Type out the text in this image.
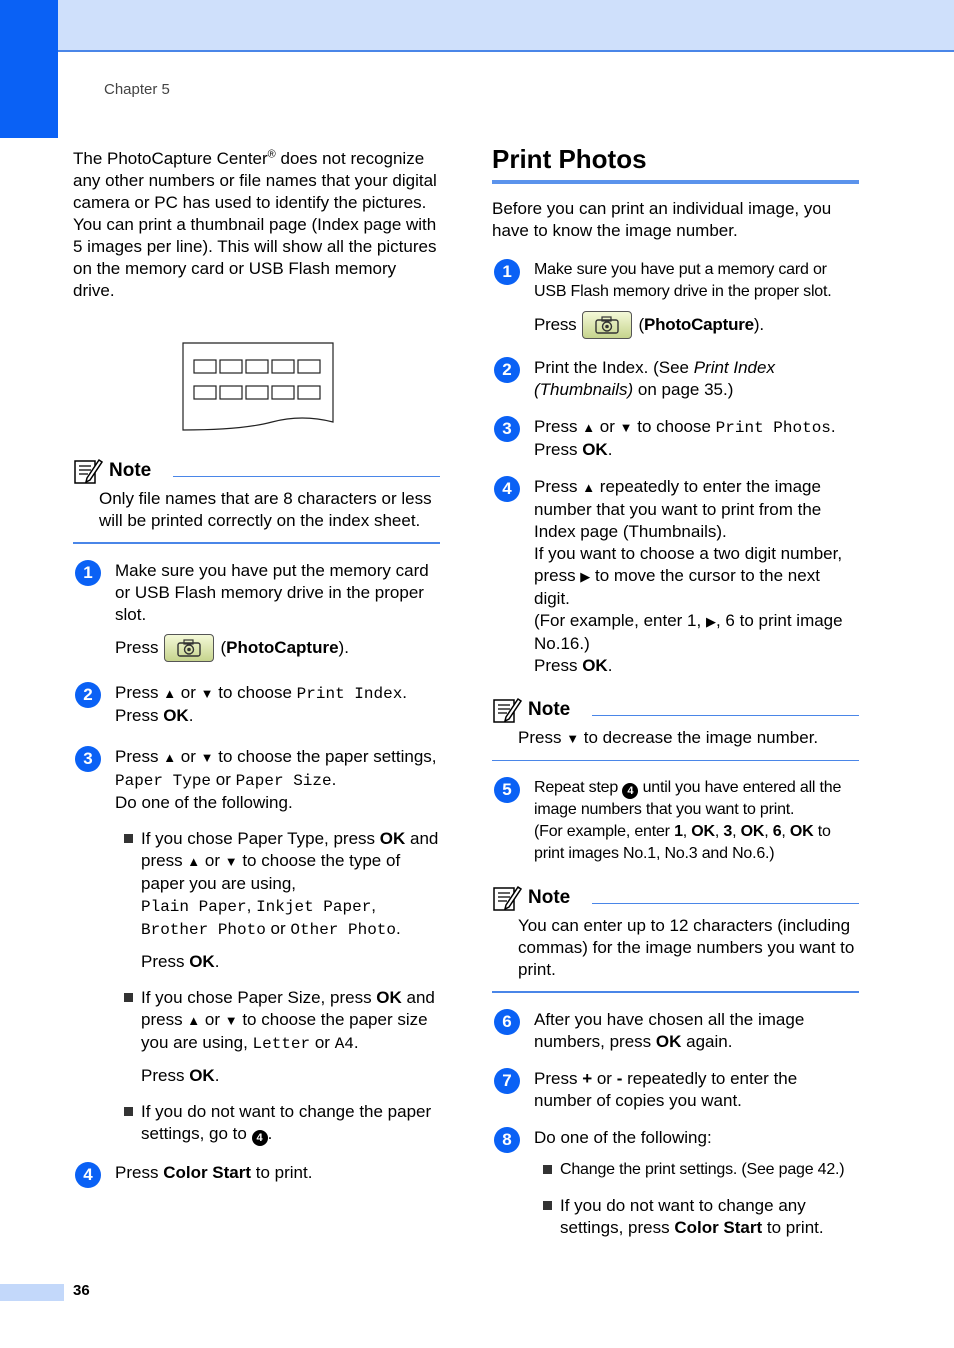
Chapter 5

The PhotoCapture Center® does not recognize any other numbers or file names that your digital camera or PC has used to identify the pictures. You can print a thumbnail page (Index page with 5 images per line). This will show all the pictures on the memory card or USB Flash memory drive.

Note
Only file names that are 8 characters or less will be printed correctly on the index sheet.
1	Make sure you have put the memory card or USB Flash memory drive in the proper slot.
Press	( PhotoCapture ).
2	Press ▲ or ▼ to choose Print Index.
Press OK.
3	Press ▲ or ▼ to choose the paper settings, Paper Type or Paper Size.
Do one of the following.
If you chose Paper Type, press OK and press ▲ or ▼ to choose the type of paper you are using,
Plain Paper, Inkjet Paper,
Brother Photo or Other Photo.
Press OK.
If you chose Paper Size, press OK and press ▲ or ▼ to choose the paper size you are using, Letter or A4.
Press OK.
If you do not want to change the paper settings, go to 4 .
4	Press Color Start to print.
Print Photos

Before you can print an individual image, you have to know the image number.

1	Make sure you have put a memory card or USB Flash memory drive in the proper slot.
Press	( PhotoCapture ).
2	Print the Index. (See Print Index (Thumbnails) on page 35.)
3	Press ▲ or ▼ to choose Print Photos.
Press OK.
4	Press ▲ repeatedly to enter the image number that you want to print from the Index page (Thumbnails).
If you want to choose a two digit number, press ▶ to move the cursor to the next digit.
(For example, enter 1, ▶, 6 to print image No.16.)
Press OK.
Note
Press ▼ to decrease the image number.
5	Repeat step 4 until you have entered all the image numbers that you want to print.
(For example, enter 1, OK, 3, OK, 6, OK to print images No.1, No.3 and No.6.)
Note
You can enter up to 12 characters (including commas) for the image numbers you want to print.
6	After you have chosen all the image numbers, press OK again.
7	Press + or - repeatedly to enter the number of copies you want.
8	Do one of the following:
Change the print settings. (See page 42.)
If you do not want to change any settings, press Color Start to print.
36
